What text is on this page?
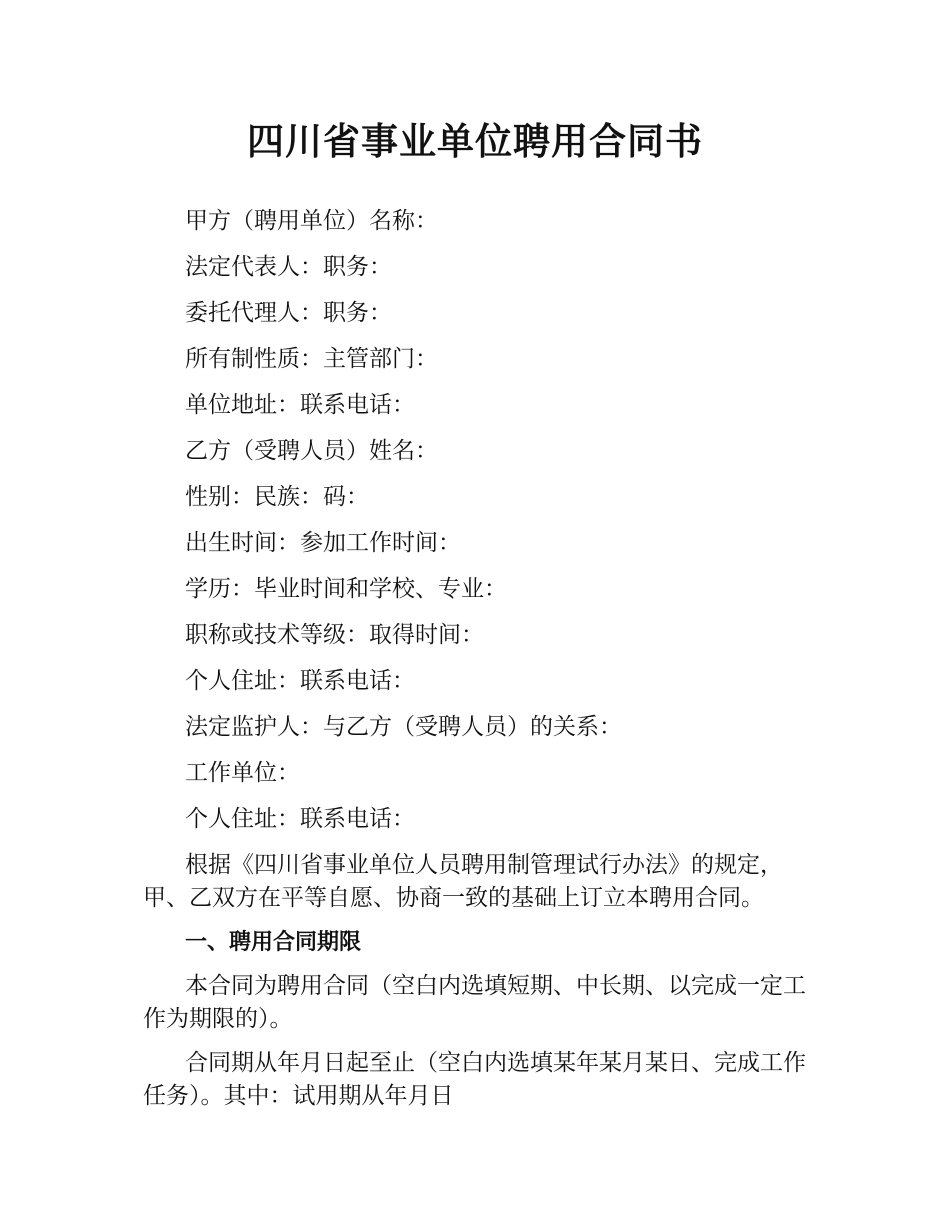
四川省事业单位聘用合同书
甲方（聘用单位）名称：
法定代表人：职务：
委托代理人：职务：
所有制性质：主管部门：
单位地址：联系电话：
乙方（受聘人员）姓名：
性别：民族：码：
出生时间：参加工作时间：
学历：毕业时间和学校、专业：
职称或技术等级：取得时间：
个人住址：联系电话：
法定监护人：与乙方（受聘人员）的关系：
工作单位：
个人住址：联系电话：

根据《四川省事业单位人员聘用制管理试行办法》的规定，甲、乙双方在平等自愿、协商一致的基础上订立本聘用合同。

一、聘用合同期限

本合同为聘用合同（空白内选填短期、中长期、以完成一定工作为期限的）。

合同期从年月日起至止（空白内选填某年某月某日、完成工作任务）。其中：试用期从年月日
